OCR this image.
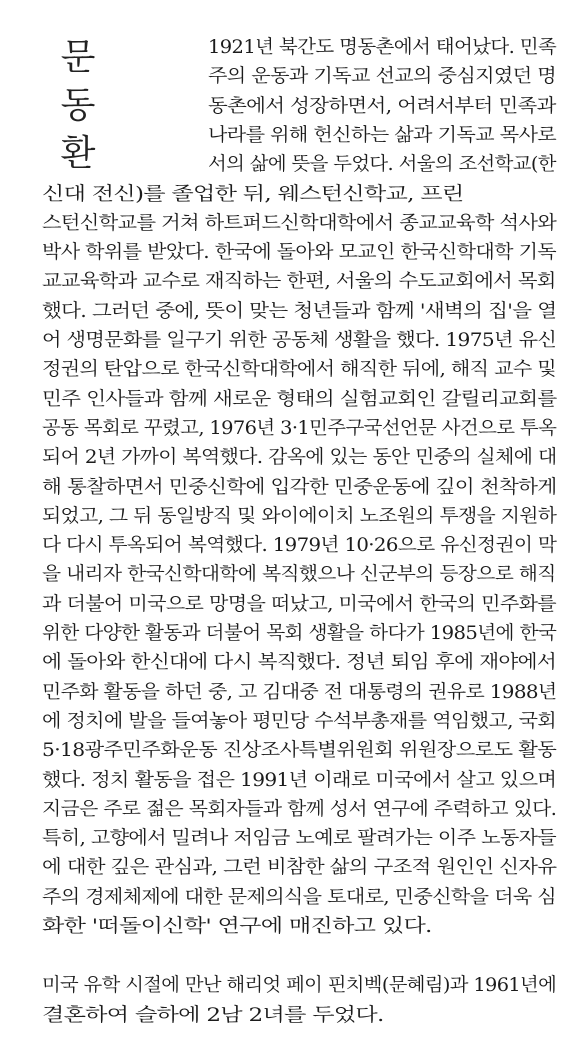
문
동
환
1921년 북간도 명동촌에서 태어났다. 민족
주의 운동과 기독교 선교의 중심지였던 명
동촌에서 성장하면서, 어려서부터 민족과
나라를 위해 헌신하는 삶과 기독교 목사로
서의 삶에 뜻을 두었다. 서울의 조선학교(한
신대 전신)를 졸업한 뒤, 웨스턴신학교, 프린
스턴신학교를 거쳐 하트퍼드신학대학에서 종교교육학 석사와
박사 학위를 받았다. 한국에 돌아와 모교인 한국신학대학 기독
교교육학과 교수로 재직하는 한편, 서울의 수도교회에서 목회
했다. 그러던 중에, 뜻이 맞는 청년들과 함께 '새벽의 집'을 열
어 생명문화를 일구기 위한 공동체 생활을 했다. 1975년 유신
정권의 탄압으로 한국신학대학에서 해직한 뒤에, 해직 교수 및
민주 인사들과 함께 새로운 형태의 실험교회인 갈릴리교회를
공동 목회로 꾸렸고, 1976년 3·1민주구국선언문 사건으로 투옥
되어 2년 가까이 복역했다. 감옥에 있는 동안 민중의 실체에 대
해 통찰하면서 민중신학에 입각한 민중운동에 깊이 천착하게
되었고, 그 뒤 동일방직 및 와이에이치 노조원의 투쟁을 지원하
다 다시 투옥되어 복역했다. 1979년 10·26으로 유신정권이 막
을 내리자 한국신학대학에 복직했으나 신군부의 등장으로 해직
과 더불어 미국으로 망명을 떠났고, 미국에서 한국의 민주화를
위한 다양한 활동과 더불어 목회 생활을 하다가 1985년에 한국
에 돌아와 한신대에 다시 복직했다. 정년 퇴임 후에 재야에서
민주화 활동을 하던 중, 고 김대중 전 대통령의 권유로 1988년
에 정치에 발을 들여놓아 평민당 수석부총재를 역임했고, 국회
5·18광주민주화운동 진상조사특별위원회 위원장으로도 활동
했다. 정치 활동을 접은 1991년 이래로 미국에서 살고 있으며
지금은 주로 젊은 목회자들과 함께 성서 연구에 주력하고 있다.
특히, 고향에서 밀려나 저임금 노예로 팔려가는 이주 노동자들
에 대한 깊은 관심과, 그런 비참한 삶의 구조적 원인인 신자유
주의 경제체제에 대한 문제의식을 토대로, 민중신학을 더욱 심
화한 '떠돌이신학' 연구에 매진하고 있다.
미국 유학 시절에 만난 해리엇 페이 핀치벡(문혜림)과 1961년에
결혼하여 슬하에 2남 2녀를 두었다.
